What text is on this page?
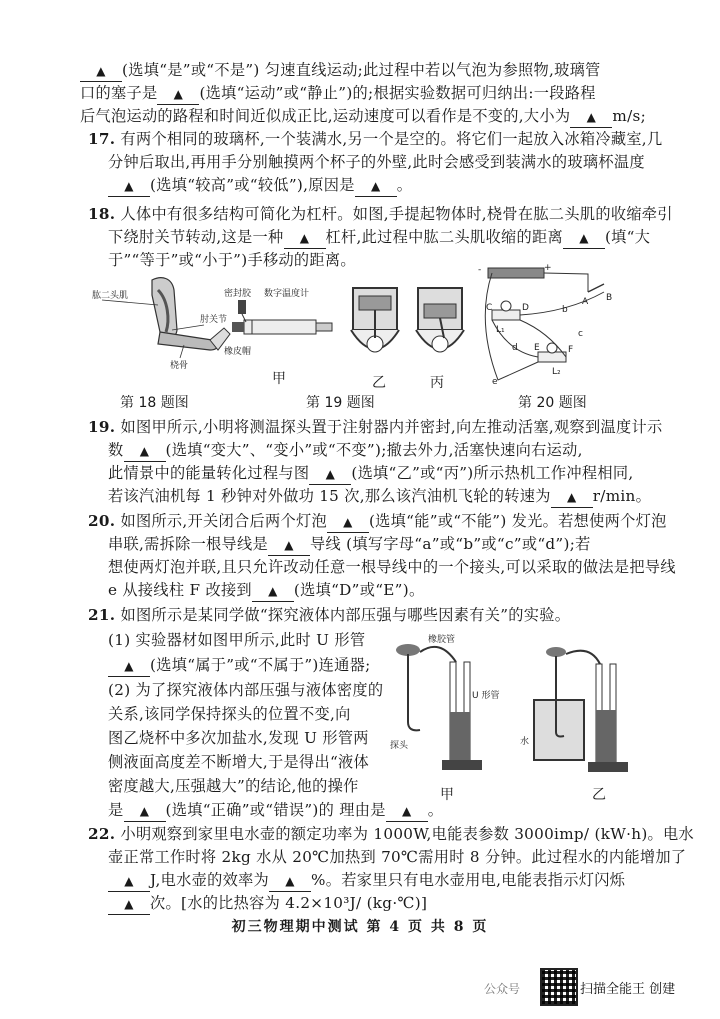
▲ (选填“是”或“不是”) 匀速直线运动;此过程中若以气泡为参照物,玻璃管
口的塞子是 ▲ (选填“运动”或“静止”)的;根据实验数据可归纳出:一段路程
后气泡运动的路程和时间近似成正比,运动速度可以看作是不变的,大小为 ▲ m/s;
17. 有两个相同的玻璃杯,一个装满水,另一个是空的。将它们一起放入冰箱冷藏室,几
分钟后取出,再用手分别触摸两个杯子的外壁,此时会感受到装满水的玻璃杯温度
▲ (选填“较高”或“较低”),原因是 ▲ 。
18. 人体中有很多结构可简化为杠杆。如图,手提起物体时,桡骨在肱二头肌的收缩牵引
下绕肘关节转动,这是一种 ▲ 杠杆,此过程中肱二头肌收缩的距离 ▲ (填“大
于”“等于”或“小于”)手移动的距离。
19. 如图甲所示,小明将测温探头置于注射器内并密封,向左推动活塞,观察到温度计示
数 ▲ (选填“变大”、“变小”或“不变”);撤去外力,活塞快速向右运动,
此情景中的能量转化过程与图 ▲ (选填“乙”或“丙”)所示热机工作冲程相同,
若该汽油机每 1 秒钟对外做功 15 次,那么该汽油机飞轮的转速为 ▲ r/min。
20. 如图所示,开关闭合后两个灯泡 ▲ (选填“能”或“不能”) 发光。若想使两个灯泡
串联,需拆除一根导线是 ▲ 导线 (填写字母“a”或“b”或“c”或“d”);若
想使两灯泡并联,且只允许改动任意一根导线中的一个接头,可以采取的做法是把导线
e 从接线柱 F 改接到 ▲ (选填“D”或“E”)。
21. 如图所示是某同学做“探究液体内部压强与哪些因素有关”的实验。
(1) 实验器材如图甲所示,此时 U 形管
▲ (选填“属于”或“不属于”)连通器;
(2) 为了探究液体内部压强与液体密度的
关系,该同学保持探头的位置不变,向
图乙烧杯中多次加盐水,发现 U 形管两
侧液面高度差不断增大,于是得出“液体
密度越大,压强越大”的结论,他的操作
是 ▲ (选填“正确”或“错误”)的 理由是 ▲ 。
22. 小明观察到家里电水壶的额定功率为 1000W,电能表参数 3000imp/ (kW·h)。电水
壶正常工作时将 2kg 水从 20℃加热到 70℃需用时 8 分钟。此过程水的内能增加了
▲ J,电水壶的效率为 ▲ %。若家里只有电水壶用电,电能表指示灯闪烁
▲ 次。[水的比热容为 4.2×10³J/ (kg·℃)]
肱二头肌
肘关节
桡骨
密封胶 数字温度计
橡皮帽
+
-
A B
C	D
L₁
E	F
L₂
b
c
d
e
橡胶管
U 形管
探头	水
甲	乙
甲	乙	丙
第 18 题图	第 19 题图	第 20 题图
初三物理期中测试 第 4 页 共 8 页
公众号	扫描全能王 创建
